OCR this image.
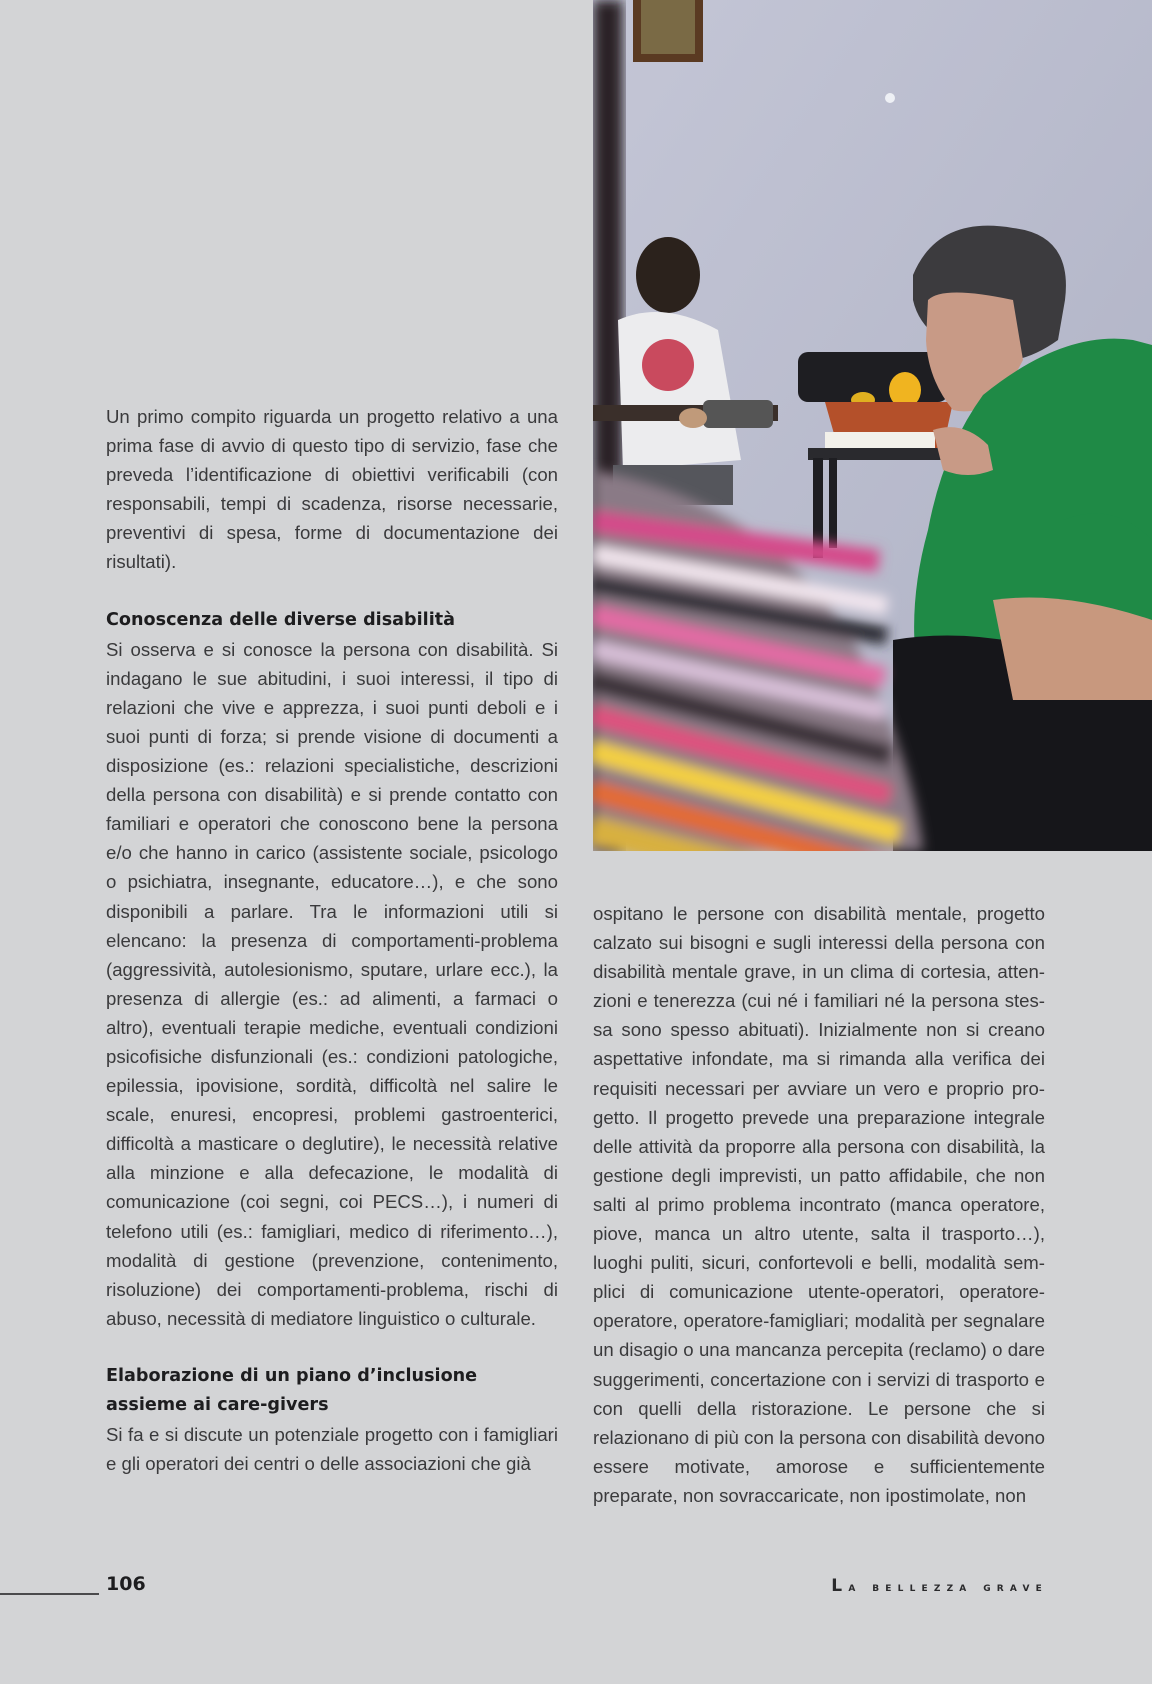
Un primo compito riguarda un progetto relativo a una prima fase di avvio di questo tipo di servizio, fase che preveda l’identificazione di obiettivi verificabili (con responsabili, tempi di scadenza, risorse necessarie, preventivi di spesa, forme di documentazione dei risultati).

Conoscenza delle diverse disabilità

Si osserva e si conosce la persona con disabilità. Si indagano le sue abitudini, i suoi interessi, il tipo di relazioni che vive e apprezza, i suoi punti deboli e i suoi punti di forza; si prende visione di documenti a disposizione (es.: relazioni specialistiche, descrizioni della persona con disabilità) e si prende contatto con familiari e operatori che conoscono bene la persona e/o che hanno in carico (assistente sociale, psicologo o psichiatra, insegnante, educatore…), e che sono disponibili a parlare. Tra le informazioni utili si elencano: la presenza di comportamenti-problema (aggressività, autolesionismo, sputare, urlare ecc.), la presenza di allergie (es.: ad alimenti, a farmaci o altro), eventuali terapie mediche, eventuali condizioni psicofisiche disfunzionali (es.: condizioni patologiche, epilessia, ipovisione, sordità, difficoltà nel salire le scale, enuresi, encopresi, problemi gastroenterici, difficoltà a masticare o deglutire), le necessità relative alla minzione e alla defecazione, le modalità di comunicazione (coi segni, coi PECS…), i numeri di telefono utili (es.: famigliari, medico di riferimento…), modalità di gestione (prevenzione, contenimento, risoluzione) dei comportamenti-problema, rischi di abuso, necessità di mediatore linguistico o culturale.

Elaborazione di un piano d’inclusione
assieme ai care-givers

Si fa e si discute un potenziale progetto con i famigliari e gli operatori dei centri o delle associazioni che già

ospitano le persone con disabilità mentale, progetto calzato sui bisogni e sugli interessi della persona con disabilità mentale grave, in un clima di cortesia, attenzioni e tenerezza (cui né i familiari né la persona stessa sono spesso abituati). Inizialmente non si creano aspettative infondate, ma si rimanda alla verifica dei requisiti necessari per avviare un vero e proprio progetto. Il progetto prevede una preparazione integrale delle attività da proporre alla persona con disabilità, la gestione degli imprevisti, un patto affidabile, che non salti al primo problema incontrato (manca operatore, piove, manca un altro utente, salta il trasporto…), luoghi puliti, sicuri, confortevoli e belli, modalità semplici di comunicazione utente-operatori, operatore-operatore, operatore-famigliari; modalità per segnalare un disagio o una mancanza percepita (reclamo) o dare suggerimenti, concertazione con i servizi di trasporto e con quelli della ristorazione. Le persone che si relazionano di più con la persona con disabilità devono essere motivate, amorose e sufficientemente preparate, non sovraccaricate, non ipostimolate, non

106	la bellezza grave
